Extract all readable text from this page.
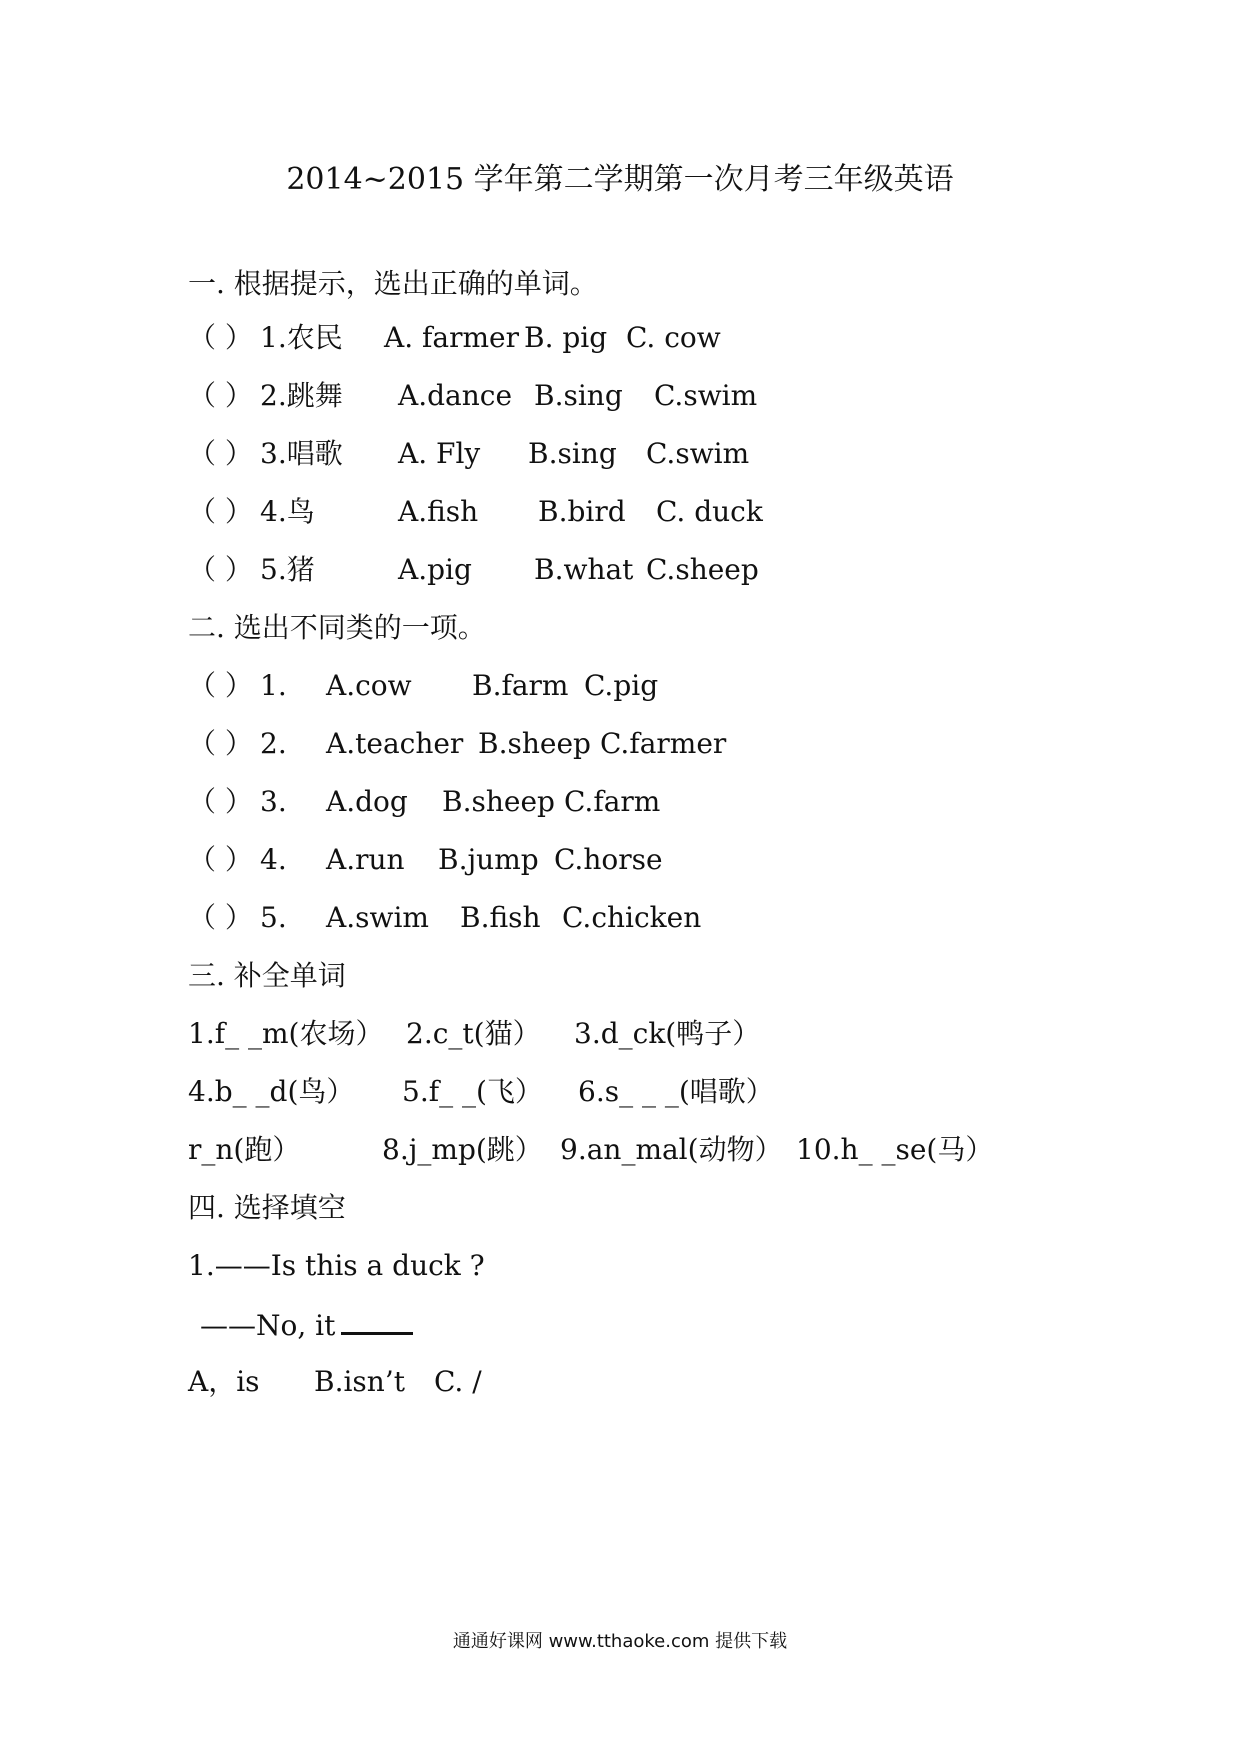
2014~2015 学年第二学期第一次月考三年级英语
一. 根据提示，选出正确的单词。
（ ） 1.农民 A. farmer B. pig C. cow
（ ） 2.跳舞 A.dance B.sing C.swim
（ ） 3.唱歌 A. Fly B.sing C.swim
（ ） 4.鸟	A.fish B.bird C. duck
（ ） 5.猪	A.pig B.what C.sheep
二. 选出不同类的一项。
（ ） 1. A.cow B.farm C.pig
（ ） 2. A.teacher B.sheep C.farmer
（ ） 3. A.dog B.sheep C.farm
（ ） 4. A.run B.jump C.horse
（ ） 5. A.swim B.fish C.chicken
三. 补全单词
1.f_ _m(农场） 2.c_t(猫） 3.d_ck(鸭子）
4.b_ _d(鸟） 5.f_ _(飞） 6.s_ _ _(唱歌）
r_n(跑）	8.j_mp(跳） 9.an_mal(动物） 10.h_ _se(马）
四. 选择填空
1.——Is this a duck ?
——No, it
A，is B.isn’t C. /
通通好课网 www.tthaoke.com 提供下载
